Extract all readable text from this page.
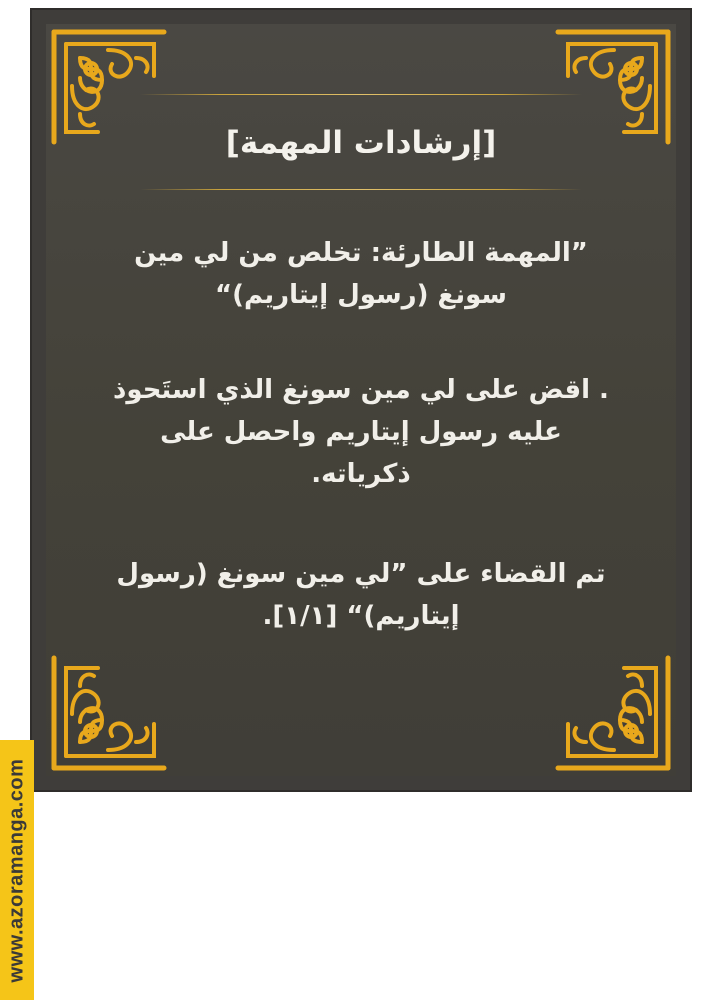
[إرشادات المهمة]

”المهمة الطارئة: تخلص من لي مين سونغ (رسول إيتاريم)“

. اقض على لي مين سونغ الذي استَحوذ عليه رسول إيتاريم واحصل على ذكرياته.

تم القضاء على ”لي مين سونغ (رسول إيتاريم)“ [١/١].

www.azoramanga.com
